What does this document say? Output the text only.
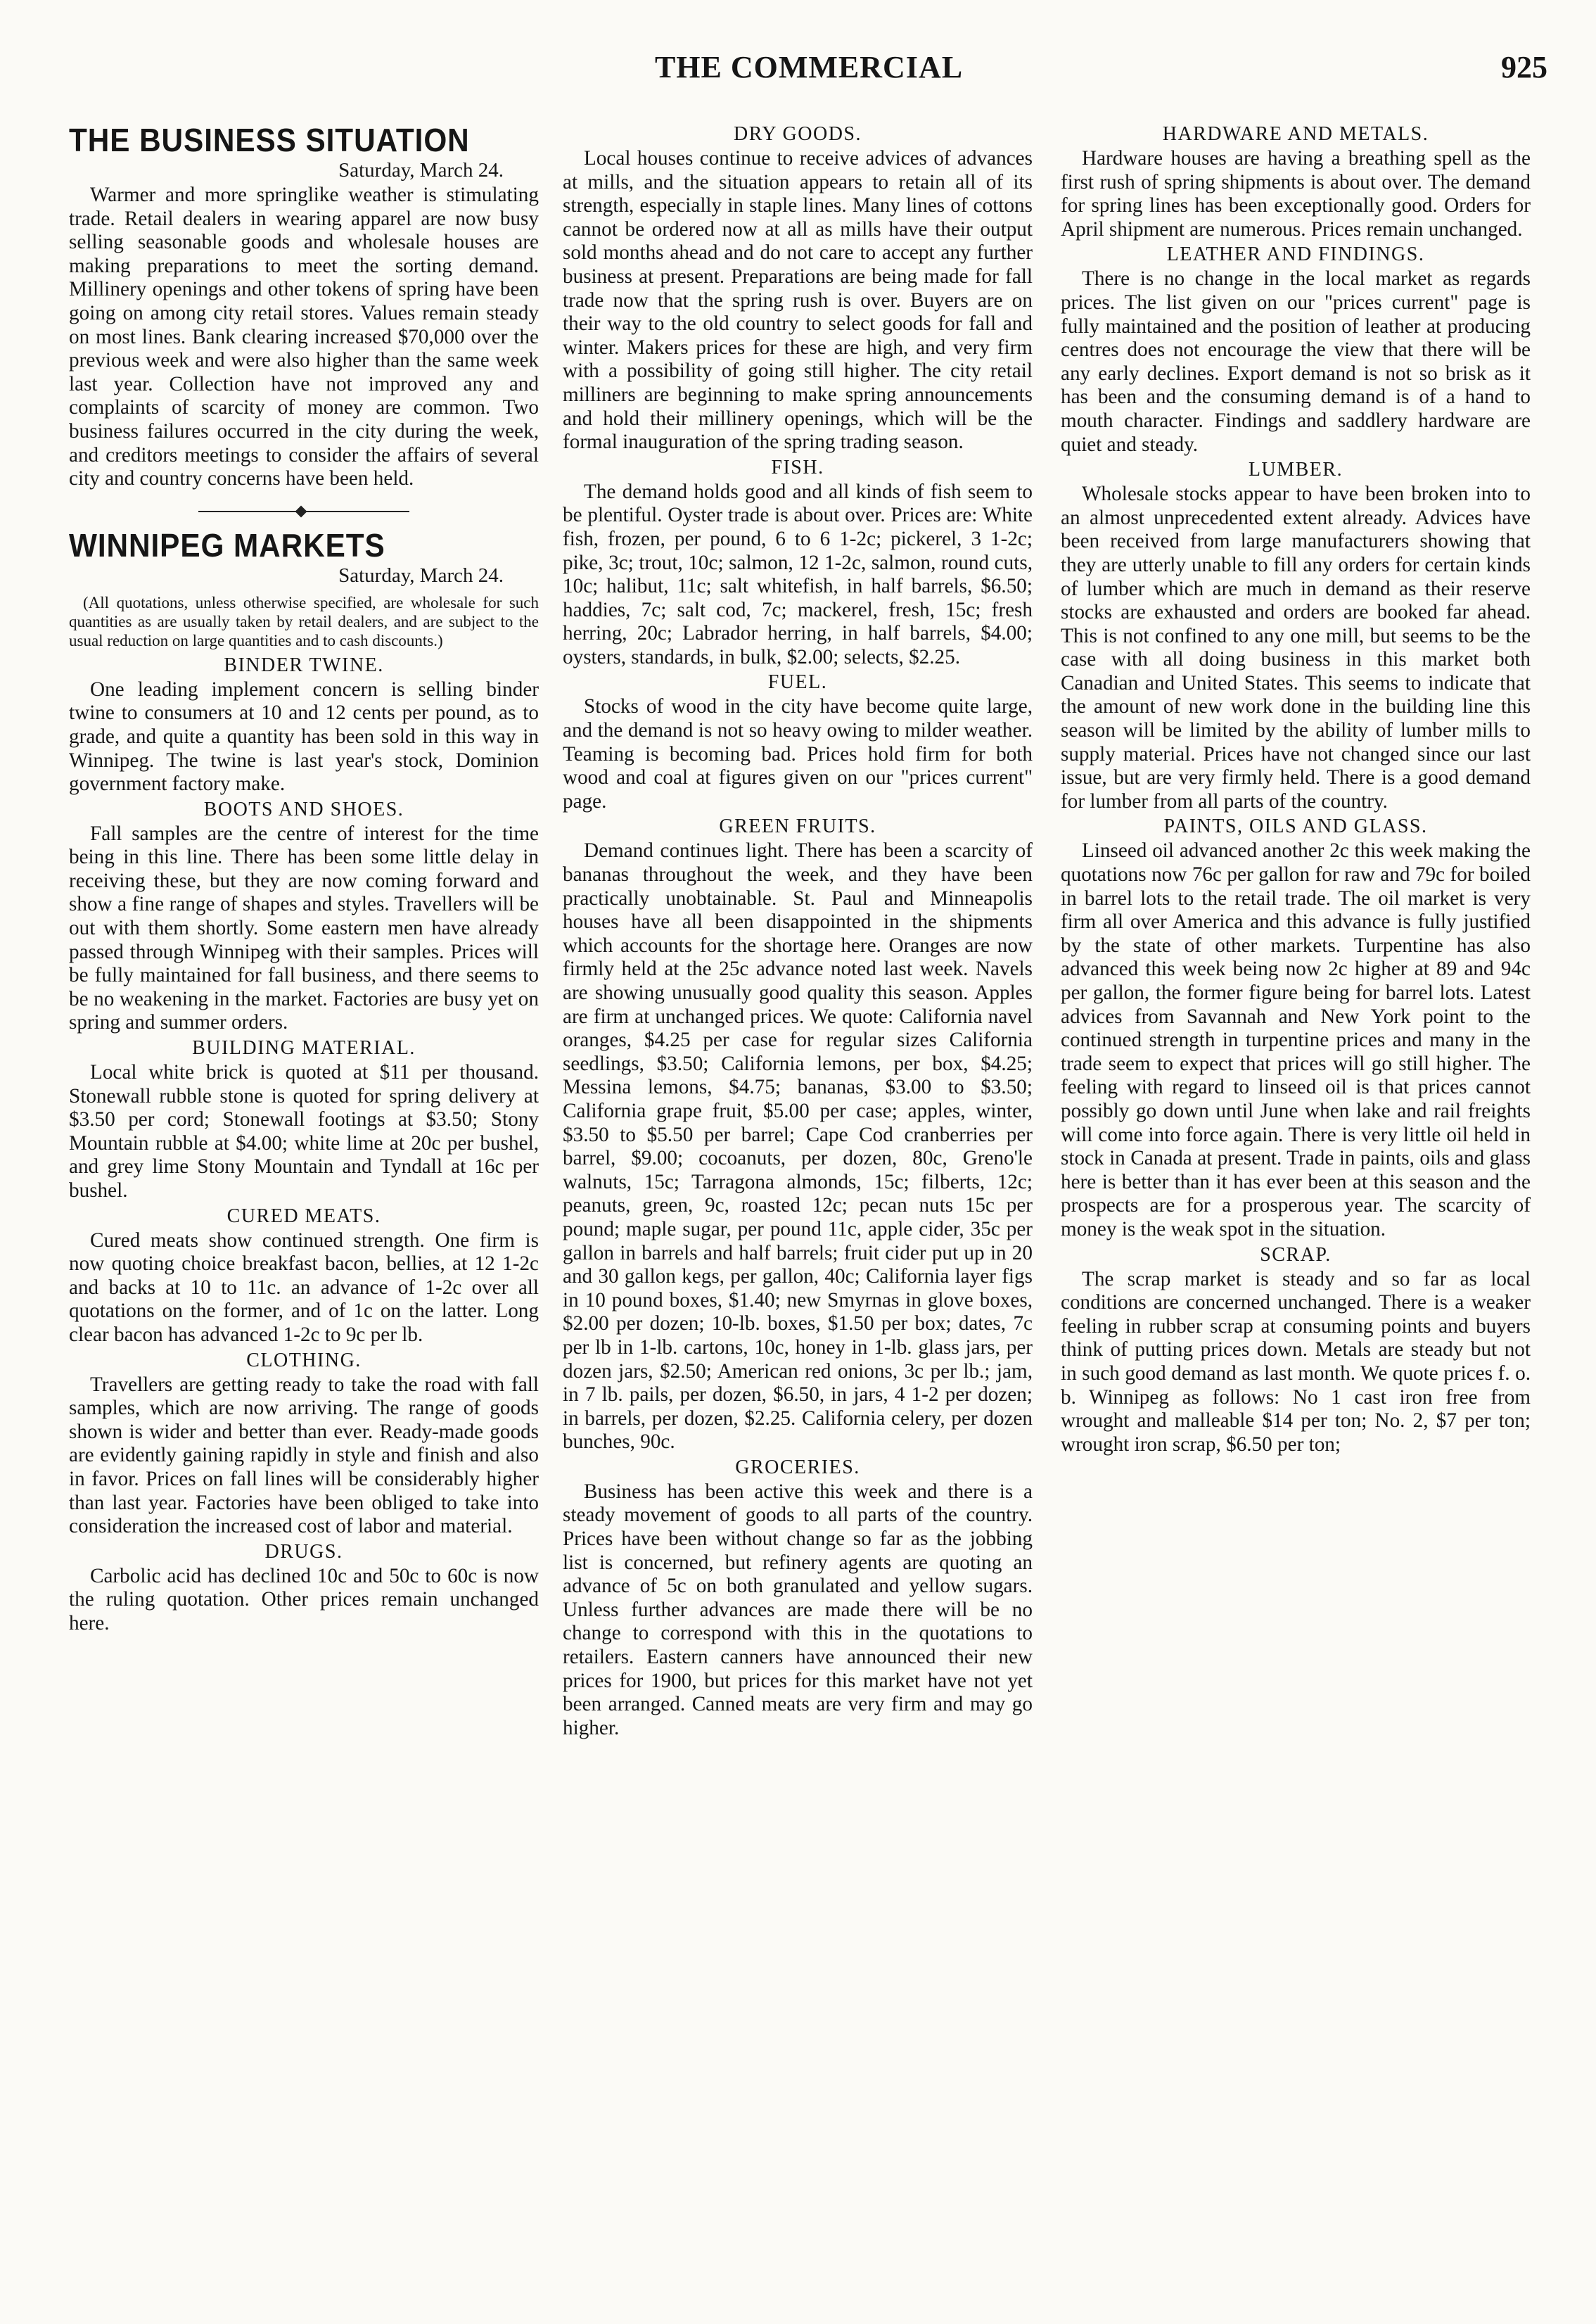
THE COMMERCIAL	925
THE BUSINESS SITUATION
Saturday, March 24.

Warmer and more springlike weather is stimulating trade. Retail dealers in wearing apparel are now busy selling seasonable goods and wholesale houses are making preparations to meet the sorting demand. Millinery openings and other tokens of spring have been going on among city retail stores. Values remain steady on most lines. Bank clearing increased $70,000 over the previous week and were also higher than the same week last year. Collection have not improved any and complaints of scarcity of money are common. Two business failures occurred in the city during the week, and creditors meetings to consider the affairs of several city and country concerns have been held.

WINNIPEG MARKETS
Saturday, March 24.
(All quotations, unless otherwise specified, are wholesale for such quantities as are usually taken by retail dealers, and are subject to the usual reduction on large quantities and to cash discounts.)
BINDER TWINE.

One leading implement concern is selling binder twine to consumers at 10 and 12 cents per pound, as to grade, and quite a quantity has been sold in this way in Winnipeg. The twine is last year's stock, Dominion government factory make.

BOOTS AND SHOES.

Fall samples are the centre of interest for the time being in this line. There has been some little delay in receiving these, but they are now coming forward and show a fine range of shapes and styles. Travellers will be out with them shortly. Some eastern men have already passed through Winnipeg with their samples. Prices will be fully maintained for fall business, and there seems to be no weakening in the market. Factories are busy yet on spring and summer orders.

BUILDING MATERIAL.

Local white brick is quoted at $11 per thousand. Stonewall rubble stone is quoted for spring delivery at $3.50 per cord; Stonewall footings at $3.50; Stony Mountain rubble at $4.00; white lime at 20c per bushel, and grey lime Stony Mountain and Tyndall at 16c per bushel.

CURED MEATS.

Cured meats show continued strength. One firm is now quoting choice breakfast bacon, bellies, at 12 1-2c and backs at 10 to 11c. an advance of 1-2c over all quotations on the former, and of 1c on the latter. Long clear bacon has advanced 1-2c to 9c per lb.

CLOTHING.

Travellers are getting ready to take the road with fall samples, which are now arriving. The range of goods shown is wider and better than ever. Ready-made goods are evidently gaining rapidly in style and finish and also in favor. Prices on fall lines will be considerably higher than last year. Factories have been obliged to take into consideration the increased cost of labor and material.

DRUGS.

Carbolic acid has declined 10c and 50c to 60c is now the ruling quotation. Other prices remain unchanged here.

DRY GOODS.

Local houses continue to receive advices of advances at mills, and the situation appears to retain all of its strength, especially in staple lines. Many lines of cottons cannot be ordered now at all as mills have their output sold months ahead and do not care to accept any further business at present. Preparations are being made for fall trade now that the spring rush is over. Buyers are on their way to the old country to select goods for fall and winter. Makers prices for these are high, and very firm with a possibility of going still higher. The city retail milliners are beginning to make spring announcements and hold their millinery openings, which will be the formal inauguration of the spring trading season.

FISH.

The demand holds good and all kinds of fish seem to be plentiful. Oyster trade is about over. Prices are: White fish, frozen, per pound, 6 to 6 1-2c; pickerel, 3 1-2c; pike, 3c; trout, 10c; salmon, 12 1-2c, salmon, round cuts, 10c; halibut, 11c; salt whitefish, in half barrels, $6.50; haddies, 7c; salt cod, 7c; mackerel, fresh, 15c; fresh herring, 20c; Labrador herring, in half barrels, $4.00; oysters, standards, in bulk, $2.00; selects, $2.25.

FUEL.

Stocks of wood in the city have become quite large, and the demand is not so heavy owing to milder weather. Teaming is becoming bad. Prices hold firm for both wood and coal at figures given on our "prices current" page.

GREEN FRUITS.

Demand continues light. There has been a scarcity of bananas throughout the week, and they have been practically unobtainable. St. Paul and Minneapolis houses have all been disappointed in the shipments which accounts for the shortage here. Oranges are now firmly held at the 25c advance noted last week. Navels are showing unusually good quality this season. Apples are firm at unchanged prices. We quote: California navel oranges, $4.25 per case for regular sizes California seedlings, $3.50; California lemons, per box, $4.25; Messina lemons, $4.75; bananas, $3.00 to $3.50; California grape fruit, $5.00 per case; apples, winter, $3.50 to $5.50 per barrel; Cape Cod cranberries per barrel, $9.00; cocoanuts, per dozen, 80c, Greno'le walnuts, 15c; Tarragona almonds, 15c; filberts, 12c; peanuts, green, 9c, roasted 12c; pecan nuts 15c per pound; maple sugar, per pound 11c, apple cider, 35c per gallon in barrels and half barrels; fruit cider put up in 20 and 30 gallon kegs, per gallon, 40c; California layer figs in 10 pound boxes, $1.40; new Smyrnas in glove boxes, $2.00 per dozen; 10-lb. boxes, $1.50 per box; dates, 7c per lb in 1-lb. cartons, 10c, honey in 1-lb. glass jars, per dozen jars, $2.50; American red onions, 3c per lb.; jam, in 7 lb. pails, per dozen, $6.50, in jars, 4 1-2 per dozen; in barrels, per dozen, $2.25. California celery, per dozen bunches, 90c.

GROCERIES.

Business has been active this week and there is a steady movement of goods to all parts of the country. Prices have been without change so far as the jobbing list is concerned, but refinery agents are quoting an advance of 5c on both granulated and yellow sugars. Unless further advances are made there will be no change to correspond with this in the quotations to retailers. Eastern canners have announced their new prices for 1900, but prices for this market have not yet been arranged. Canned meats are very firm and may go higher.

HARDWARE AND METALS.

Hardware houses are having a breathing spell as the first rush of spring shipments is about over. The demand for spring lines has been exceptionally good. Orders for April shipment are numerous. Prices remain unchanged.

LEATHER AND FINDINGS.

There is no change in the local market as regards prices. The list given on our "prices current" page is fully maintained and the position of leather at producing centres does not encourage the view that there will be any early declines. Export demand is not so brisk as it has been and the consuming demand is of a hand to mouth character. Findings and saddlery hardware are quiet and steady.

LUMBER.

Wholesale stocks appear to have been broken into to an almost unprecedented extent already. Advices have been received from large manufacturers showing that they are utterly unable to fill any orders for certain kinds of lumber which are much in demand as their reserve stocks are exhausted and orders are booked far ahead. This is not confined to any one mill, but seems to be the case with all doing business in this market both Canadian and United States. This seems to indicate that the amount of new work done in the building line this season will be limited by the ability of lumber mills to supply material. Prices have not changed since our last issue, but are very firmly held. There is a good demand for lumber from all parts of the country.

PAINTS, OILS AND GLASS.

Linseed oil advanced another 2c this week making the quotations now 76c per gallon for raw and 79c for boiled in barrel lots to the retail trade. The oil market is very firm all over America and this advance is fully justified by the state of other markets. Turpentine has also advanced this week being now 2c higher at 89 and 94c per gallon, the former figure being for barrel lots. Latest advices from Savannah and New York point to the continued strength in turpentine prices and many in the trade seem to expect that prices will go still higher. The feeling with regard to linseed oil is that prices cannot possibly go down until June when lake and rail freights will come into force again. There is very little oil held in stock in Canada at present. Trade in paints, oils and glass here is better than it has ever been at this season and the prospects are for a prosperous year. The scarcity of money is the weak spot in the situation.

SCRAP.

The scrap market is steady and so far as local conditions are concerned unchanged. There is a weaker feeling in rubber scrap at consuming points and buyers think of putting prices down. Metals are steady but not in such good demand as last month. We quote prices f. o. b. Winnipeg as follows: No 1 cast iron free from wrought and malleable $14 per ton; No. 2, $7 per ton; wrought iron scrap, $6.50 per ton;
